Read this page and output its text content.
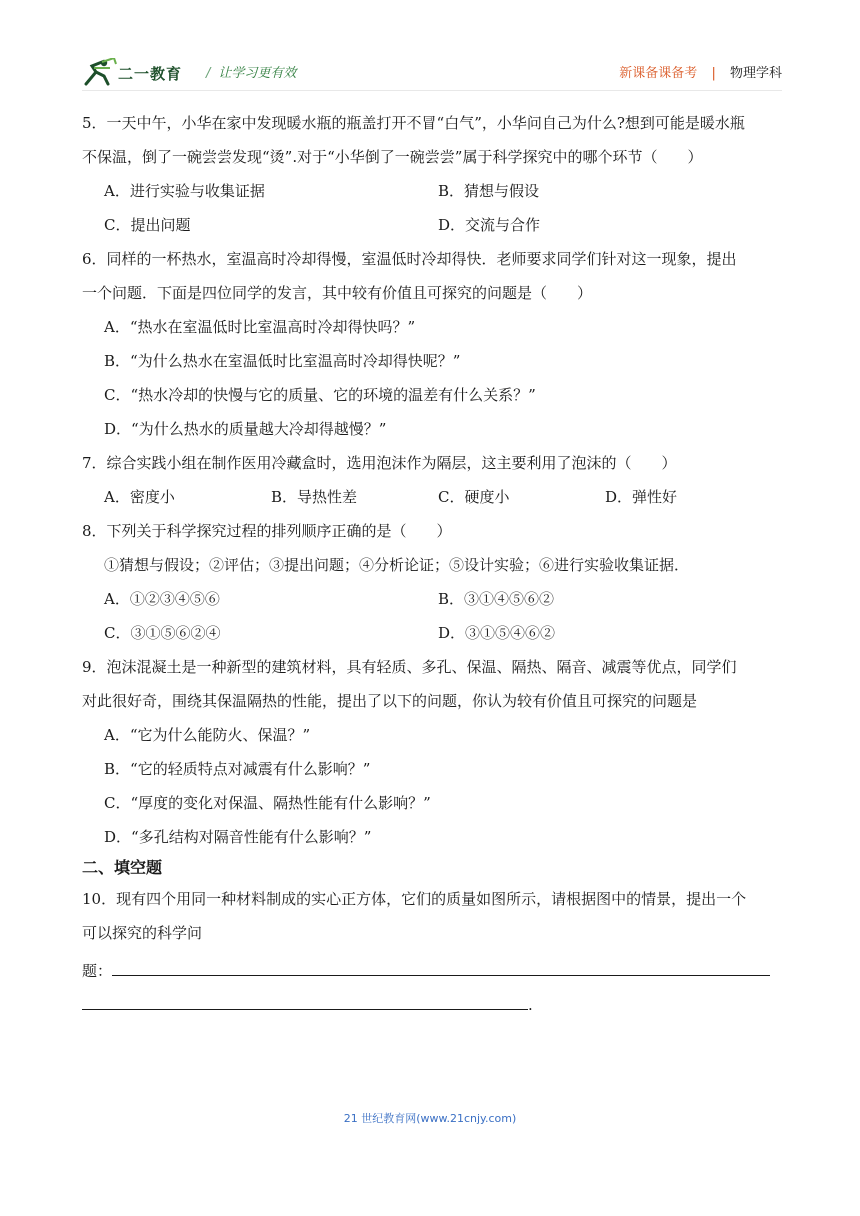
二一教育 / 让学习更有效	新课备课备考 | 物理学科
5．一天中午，小华在家中发现暖水瓶的瓶盖打开不冒“白气”，小华问自己为什么?想到可能是暖水瓶
不保温，倒了一碗尝尝发现“烫”.对于“小华倒了一碗尝尝”属于科学探究中的哪个环节（　　）
A．进行实验与收集证据	B．猜想与假设
C．提出问题	D．交流与合作
6．同样的一杯热水，室温高时冷却得慢，室温低时冷却得快．老师要求同学们针对这一现象，提出
一个问题．下面是四位同学的发言，其中较有价值且可探究的问题是（　　）
A．“热水在室温低时比室温高时冷却得快吗？”
B．“为什么热水在室温低时比室温高时冷却得快呢？”
C．“热水冷却的快慢与它的质量、它的环境的温差有什么关系？”
D．“为什么热水的质量越大冷却得越慢？”
7．综合实践小组在制作医用冷藏盒时，选用泡沫作为隔层，这主要利用了泡沫的（　　）
A．密度小	B．导热性差	C．硬度小	D．弹性好
8．下列关于科学探究过程的排列顺序正确的是（　　）
①猜想与假设；②评估；③提出问题；④分析论证；⑤设计实验；⑥进行实验收集证据．
A．①②③④⑤⑥	B．③①④⑤⑥②
C．③①⑤⑥②④	D．③①⑤④⑥②
9．泡沫混凝土是一种新型的建筑材料，具有轻质、多孔、保温、隔热、隔音、减震等优点，同学们
对此很好奇，围绕其保温隔热的性能，提出了以下的问题，你认为较有价值且可探究的问题是
A．“它为什么能防火、保温？”
B．“它的轻质特点对减震有什么影响？”
C．“厚度的变化对保温、隔热性能有什么影响？”
D．“多孔结构对隔音性能有什么影响？”
二、填空题
10．现有四个用同一种材料制成的实心正方体，它们的质量如图所示，请根据图中的情景，提出一个
可以探究的科学问
题：
.
21 世纪教育网(www.21cnjy.com)
